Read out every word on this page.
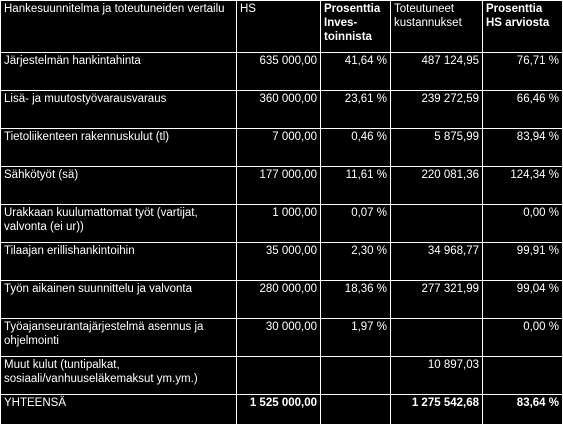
Hankesuunnitelma ja toteutuneiden vertailu	HS	Prosenttia Inves-toinnista	Toteutuneet kustannukset	Prosenttia HS arviosta
Järjestelmän hankintahinta	635 000,00	41,64 %	487 124,95	76,71 %
Lisä- ja muutostyövarausvaraus	360 000,00	23,61 %	239 272,59	66,46 %
Tietoliikenteen rakennuskulut (tl)	7 000,00	0,46 %	5 875,99	83,94 %
Sähkötyöt (sä)	177 000,00	11,61 %	220 081,36	124,34 %
Urakkaan kuulumattomat työt (vartijat, valvonta (ei ur))	1 000,00	0,07 %		0,00 %
Tilaajan erillishankintoihin	35 000,00	2,30 %	34 968,77	99,91 %
Työn aikainen suunnittelu ja valvonta	280 000,00	18,36 %	277 321,99	99,04 %
Työajanseurantajärjestelmä asennus ja ohjelmointi	30 000,00	1,97 %		0,00 %
Muut kulut (tuntipalkat, sosiaali/vanhuuseläkemaksut ym.ym.)			10 897,03	
YHTEENSÄ	1 525 000,00		1 275 542,68	83,64 %
